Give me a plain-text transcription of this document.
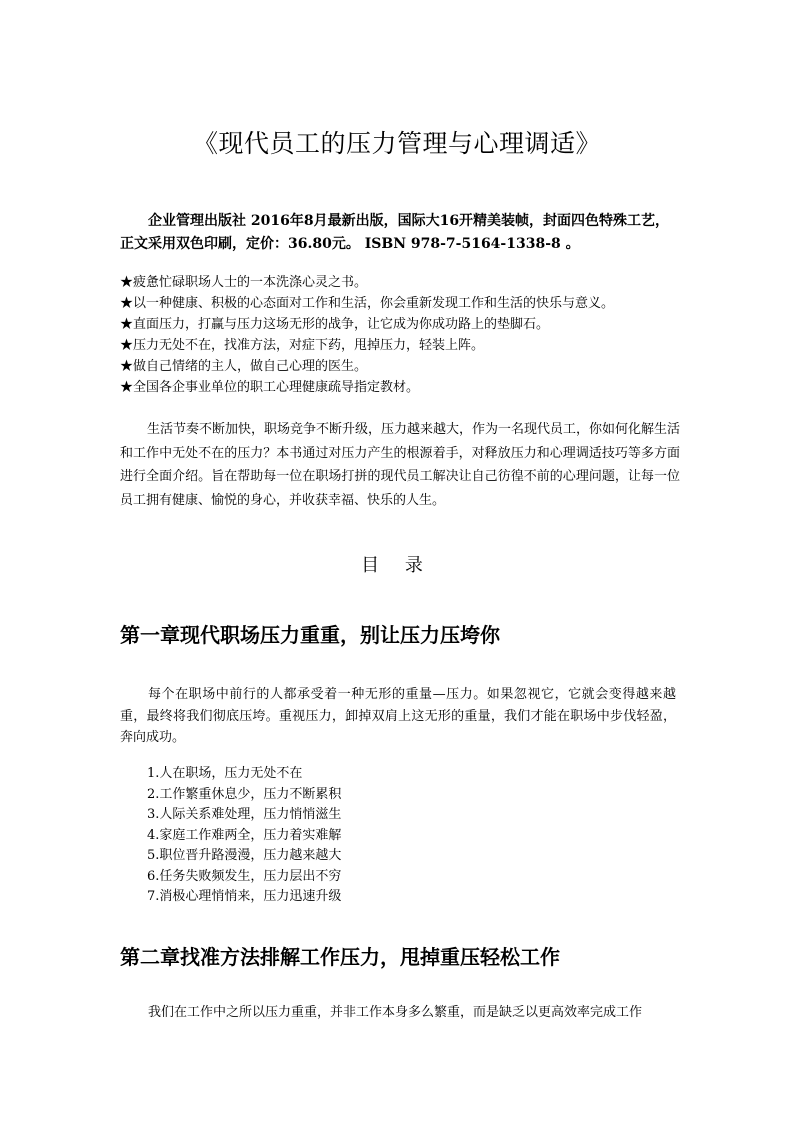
《现代员工的压力管理与心理调适》
企业管理出版社 2016年8月最新出版，国际大16开精美装帧，封面四色特殊工艺，正文采用双色印刷，定价：36.80元。 ISBN 978-7-5164-1338-8 。
★疲惫忙碌职场人士的一本洗涤心灵之书。
★以一种健康、积极的心态面对工作和生活，你会重新发现工作和生活的快乐与意义。
★直面压力，打赢与压力这场无形的战争，让它成为你成功路上的垫脚石。
★压力无处不在，找准方法，对症下药，甩掉压力，轻装上阵。
★做自己情绪的主人，做自己心理的医生。
★全国各企事业单位的职工心理健康疏导指定教材。
生活节奏不断加快，职场竞争不断升级，压力越来越大，作为一名现代员工，你如何化解生活和工作中无处不在的压力？本书通过对压力产生的根源着手，对释放压力和心理调适技巧等多方面进行全面介绍。旨在帮助每一位在职场打拼的现代员工解决让自己彷徨不前的心理问题，让每一位员工拥有健康、愉悦的身心，并收获幸福、快乐的人生。
目 录
第一章现代职场压力重重，别让压力压垮你
每个在职场中前行的人都承受着一种无形的重量—压力。如果忽视它，它就会变得越来越重，最终将我们彻底压垮。重视压力，卸掉双肩上这无形的重量，我们才能在职场中步伐轻盈，奔向成功。
1.人在职场，压力无处不在
2.工作繁重休息少，压力不断累积
3.人际关系难处理，压力悄悄滋生
4.家庭工作难两全，压力着实难解
5.职位晋升路漫漫，压力越来越大
6.任务失败频发生，压力层出不穷
7.消极心理悄悄来，压力迅速升级
第二章找准方法排解工作压力，甩掉重压轻松工作
我们在工作中之所以压力重重，并非工作本身多么繁重，而是缺乏以更高效率完成工作
